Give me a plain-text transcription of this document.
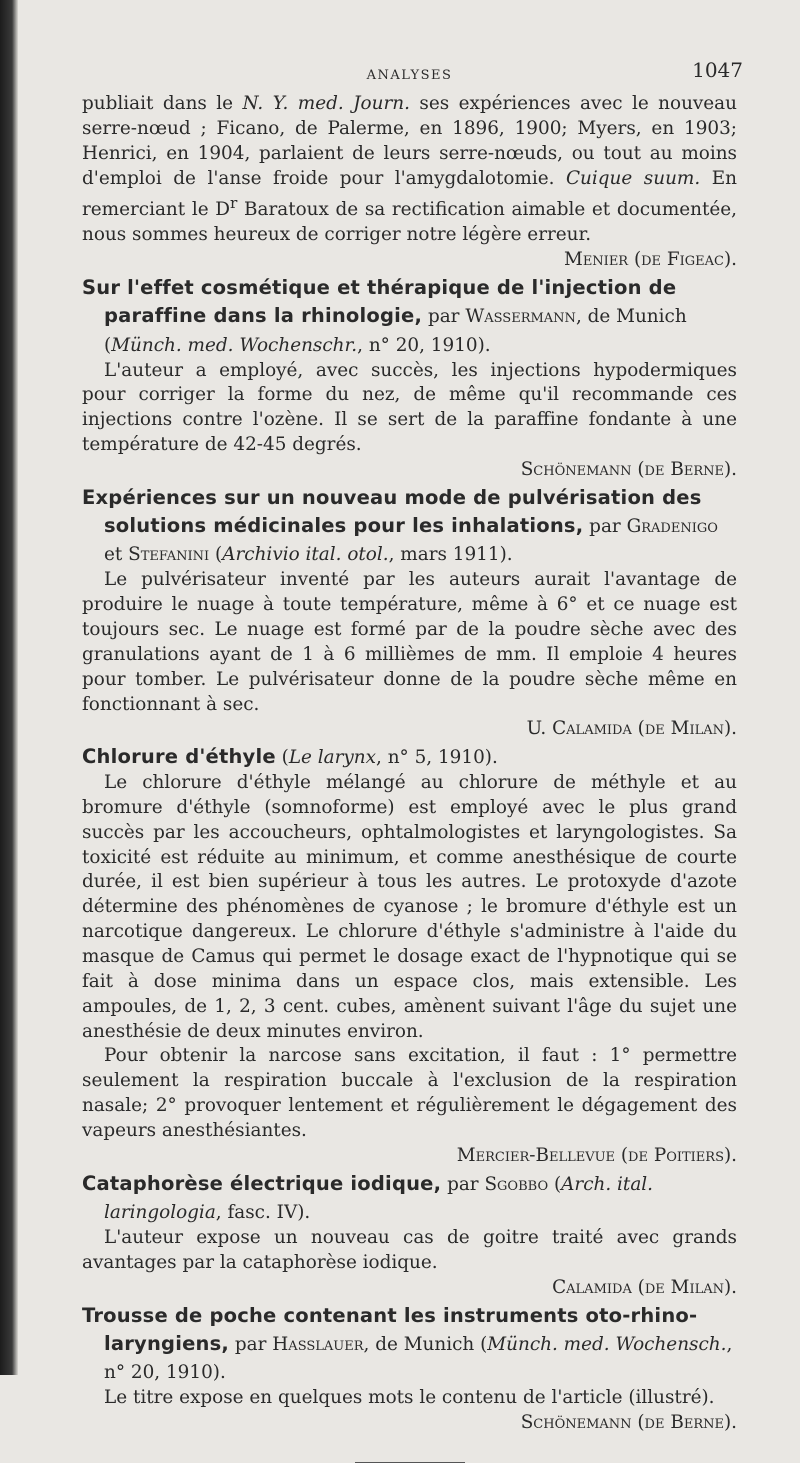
ANALYSES	1047

publiait dans le N. Y. med. Journ. ses expériences avec le nouveau serre-nœud ; Ficano, de Palerme, en 1896, 1900; Myers, en 1903; Henrici, en 1904, parlaient de leurs serre-nœuds, ou tout au moins d'emploi de l'anse froide pour l'amygdalotomie. Cuique suum. En remerciant le $D^r$ Baratoux de sa rectification aimable et documentée, nous sommes heureux de corriger notre légère erreur.
Menier (de Figeac).

Sur l'effet cosmétique et thérapique de l'injection de paraffine dans la rhinologie, par Wassermann, de Munich (Münch. med. Wochenschr., n° 20, 1910).

L'auteur a employé, avec succès, les injections hypodermiques pour corriger la forme du nez, de même qu'il recommande ces injections contre l'ozène. Il se sert de la paraffine fondante à une température de 42-45 degrés.
Schönemann (de Berne).

Expériences sur un nouveau mode de pulvérisation des solutions médicinales pour les inhalations, par Gradenigo et Stefanini (Archivio ital. otol., mars 1911).

Le pulvérisateur inventé par les auteurs aurait l'avantage de produire le nuage à toute température, même à 6° et ce nuage est toujours sec. Le nuage est formé par de la poudre sèche avec des granulations ayant de 1 à 6 millièmes de mm. Il emploie 4 heures pour tomber. Le pulvérisateur donne de la poudre sèche même en fonctionnant à sec.
U. Calamida (de Milan).

Chlorure d'éthyle (Le larynx, n° 5, 1910).

Le chlorure d'éthyle mélangé au chlorure de méthyle et au bromure d'éthyle (somnoforme) est employé avec le plus grand succès par les accoucheurs, ophtalmologistes et laryngologistes. Sa toxicité est réduite au minimum, et comme anesthésique de courte durée, il est bien supérieur à tous les autres. Le protoxyde d'azote détermine des phénomènes de cyanose ; le bromure d'éthyle est un narcotique dangereux. Le chlorure d'éthyle s'administre à l'aide du masque de Camus qui permet le dosage exact de l'hypnotique qui se fait à dose minima dans un espace clos, mais extensible. Les ampoules, de 1, 2, 3 cent. cubes, amènent suivant l'âge du sujet une anesthésie de deux minutes environ.

Pour obtenir la narcose sans excitation, il faut : 1° permettre seulement la respiration buccale à l'exclusion de la respiration nasale; 2° provoquer lentement et régulièrement le dégagement des vapeurs anesthésiantes.
Mercier-Bellevue (de Poitiers).

Cataphorèse électrique iodique, par Sgobbo (Arch. ital. laringologia, fasc. IV).

L'auteur expose un nouveau cas de goitre traité avec grands avantages par la cataphorèse iodique.
Calamida (de Milan).

Trousse de poche contenant les instruments oto-rhino-laryngiens, par Hasslauer, de Munich (Münch. med. Wochensch., n° 20, 1910).

Le titre expose en quelques mots le contenu de l'article (illustré).
Schönemann (de Berne).
